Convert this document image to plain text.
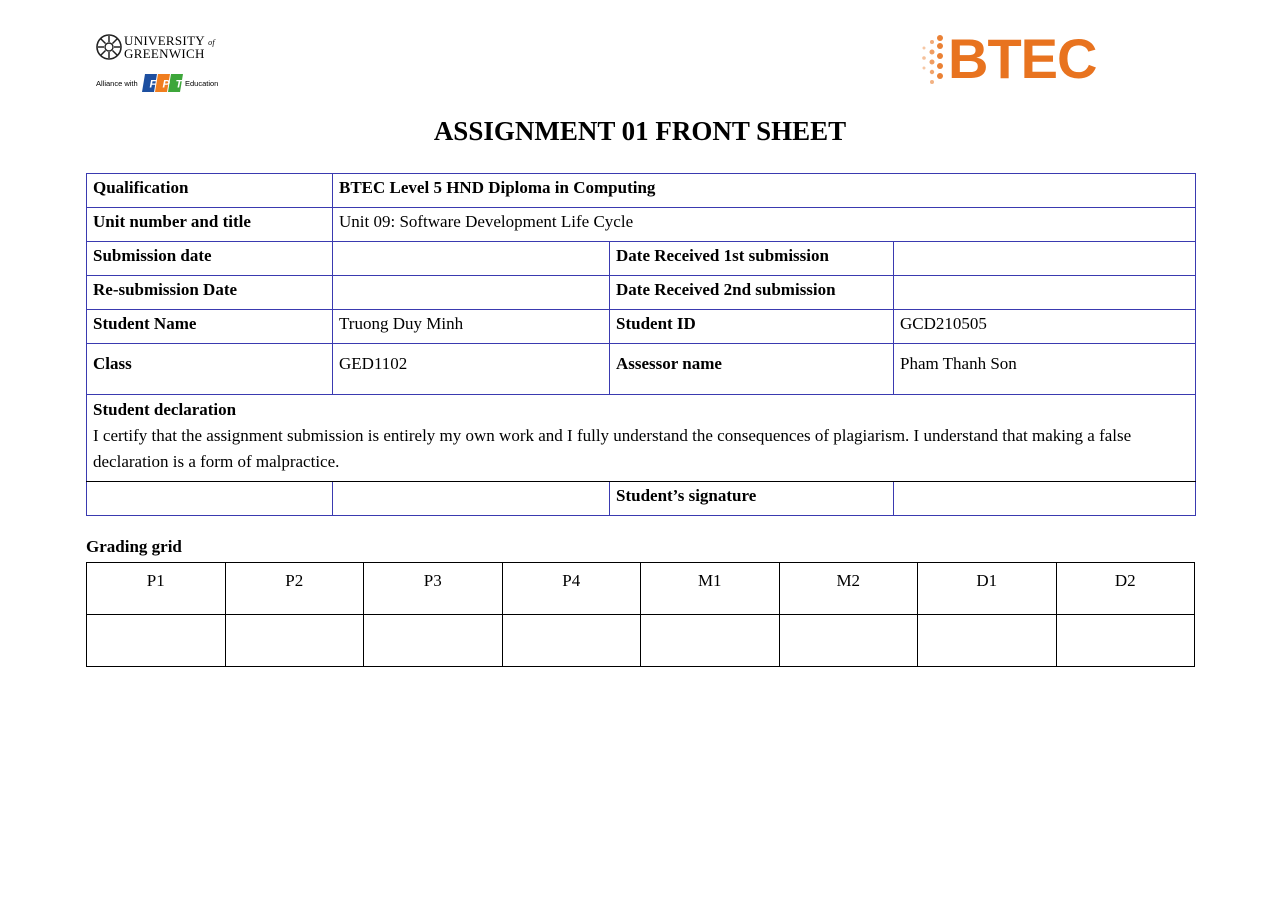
UNIVERSITY of
GREENWICH
Alliance with F P T Education	BTEC
ASSIGNMENT 01 FRONT SHEET
Qualification	BTEC Level 5 HND Diploma in Computing		
Unit number and title	Unit 09: Software Development Life Cycle		
Submission date		Date Received 1st submission	
Re-submission Date		Date Received 2nd submission	
Student Name	Truong Duy Minh	Student ID	GCD210505
Class	GED1102	Assessor name	Pham Thanh Son

Student declaration
I certify that the assignment submission is entirely my own work and I fully understand the consequences of plagiarism. I understand that making a false declaration is a form of malpractice.			

		Student’s signature	
Grading grid
P1	P2	P3	P4	M1	M2	D1	D2
